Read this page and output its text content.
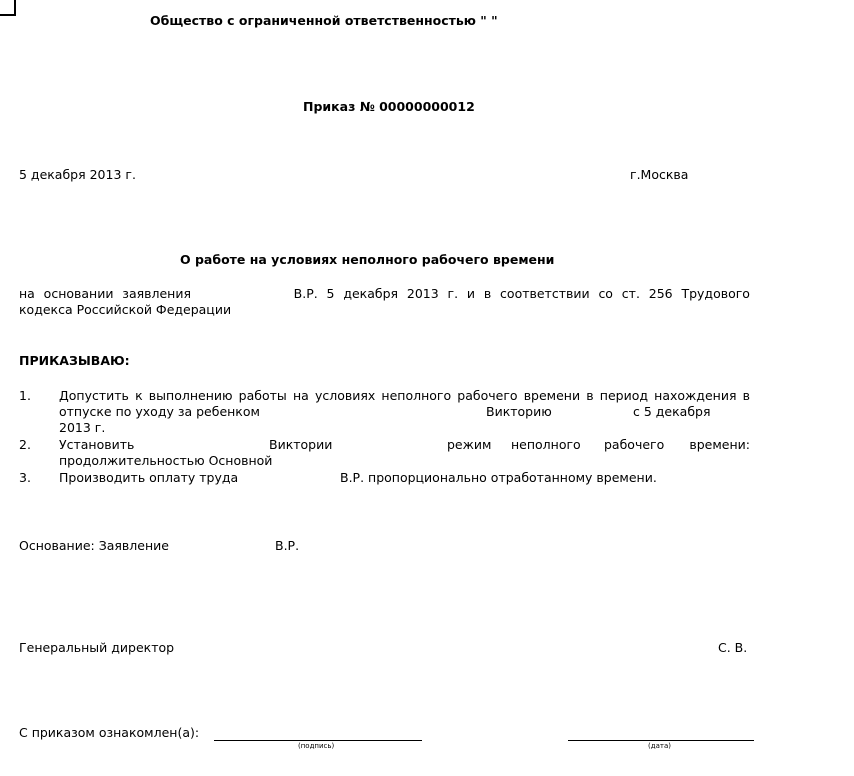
Общество с ограниченной ответственностью " "
Приказ № 00000000012
5 декабря 2013 г.	г.Москва
О работе на условиях неполного рабочего времени
на основании заявления	В.Р. 5 декабря 2013 г. и в соответствии со ст. 256 Трудового
кодекса Российской Федерации
ПРИКАЗЫВАЮ:
1. Допустить к выполнению работы на условиях неполного рабочего времени в период нахождения в
отпуске по уходу за ребенком	Викторию	с 5 декабря
2013 г.
2. Установить	Виктории	режим неполного рабочего времени:
продолжительностью Основной
3. Производить оплату труда	В.Р. пропорционально отработанному времени.
Основание: Заявление	В.Р.
Генеральный директор	С. В.
С приказом ознакомлен(а):
(подпись)	(дата)
